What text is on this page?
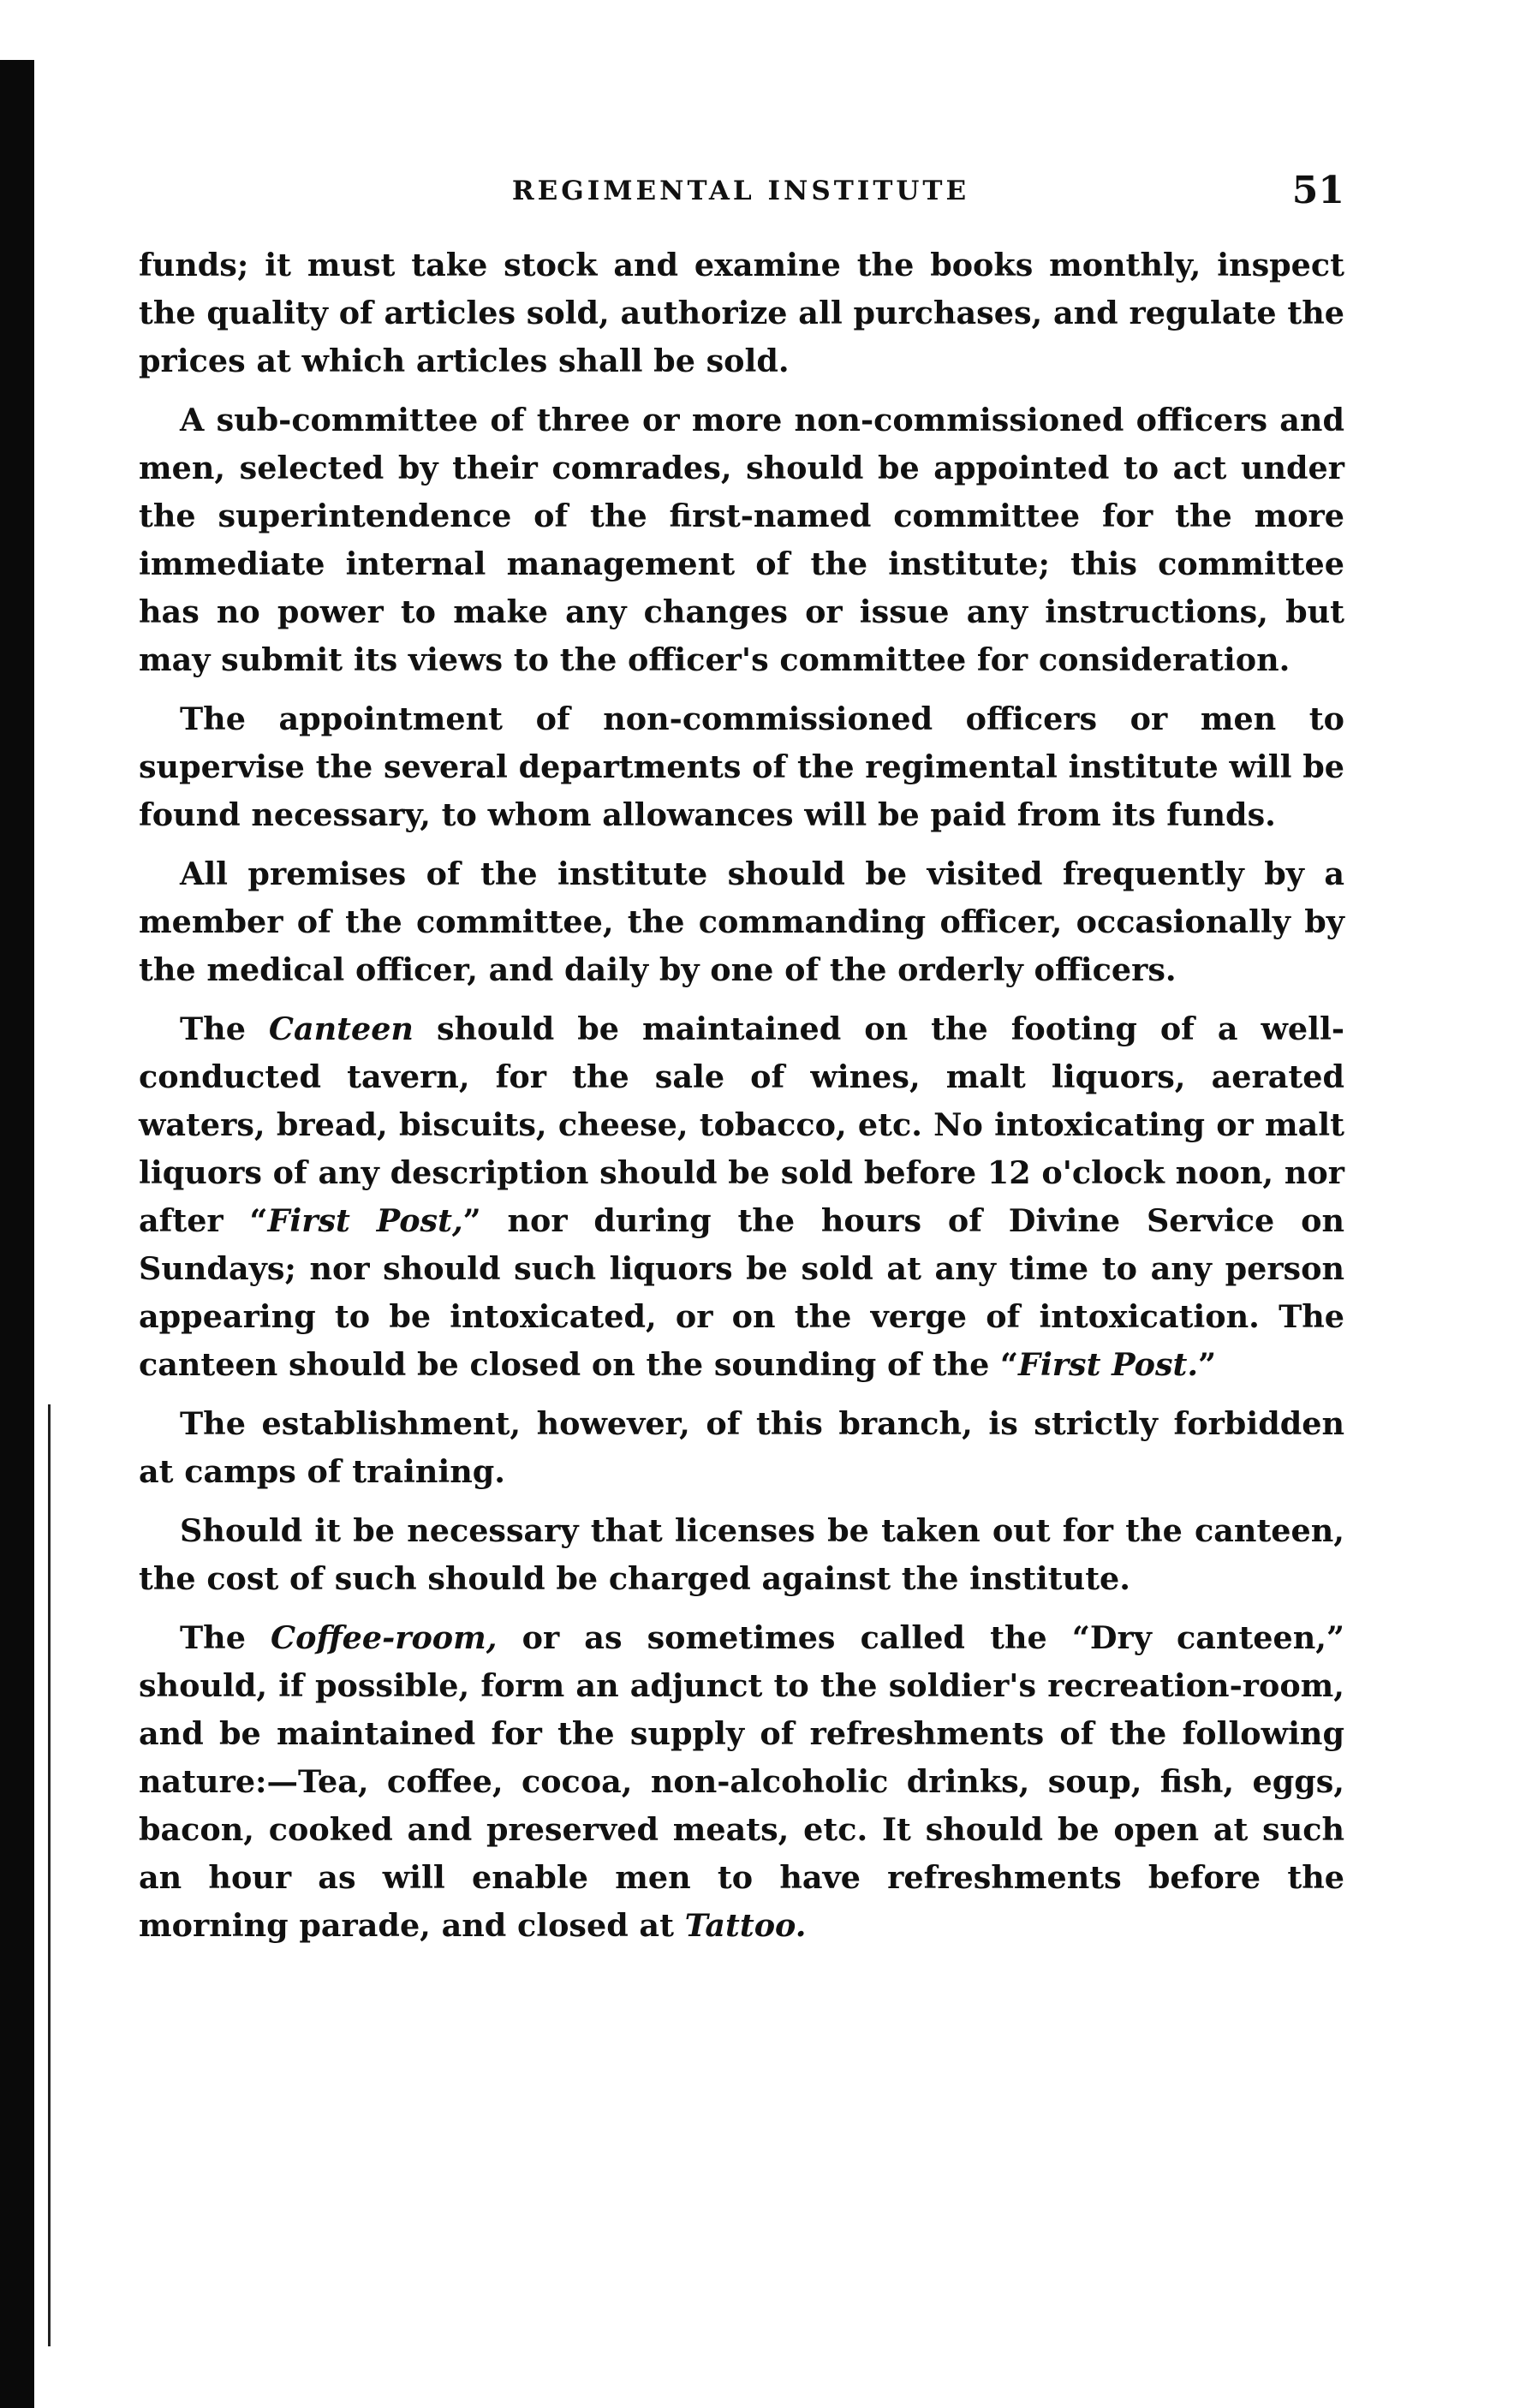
REGIMENTAL INSTITUTE	51

funds; it must take stock and examine the books monthly, inspect the quality of articles sold, authorize all purchases, and regulate the prices at which articles shall be sold.

A sub-committee of three or more non-commissioned officers and men, selected by their comrades, should be appointed to act under the superintendence of the first-named committee for the more immediate internal management of the institute; this committee has no power to make any changes or issue any instructions, but may submit its views to the officer's committee for consideration.

The appointment of non-commissioned officers or men to supervise the several departments of the regimental institute will be found necessary, to whom allowances will be paid from its funds.

All premises of the institute should be visited frequently by a member of the committee, the commanding officer, occasionally by the medical officer, and daily by one of the orderly officers.

The Canteen should be maintained on the footing of a well-conducted tavern, for the sale of wines, malt liquors, aerated waters, bread, biscuits, cheese, tobacco, etc. No intoxicating or malt liquors of any description should be sold before 12 o'clock noon, nor after “First Post,” nor during the hours of Divine Service on Sundays; nor should such liquors be sold at any time to any person appearing to be intoxicated, or on the verge of intoxication. The canteen should be closed on the sounding of the “First Post.”

The establishment, however, of this branch, is strictly forbidden at camps of training.

Should it be necessary that licenses be taken out for the canteen, the cost of such should be charged against the institute.

The Coffee-room, or as sometimes called the “Dry canteen,” should, if possible, form an adjunct to the soldier's recreation-room, and be maintained for the supply of refreshments of the following nature:—Tea, coffee, cocoa, non-alcoholic drinks, soup, fish, eggs, bacon, cooked and preserved meats, etc. It should be open at such an hour as will enable men to have refreshments before the morning parade, and closed at Tattoo.
